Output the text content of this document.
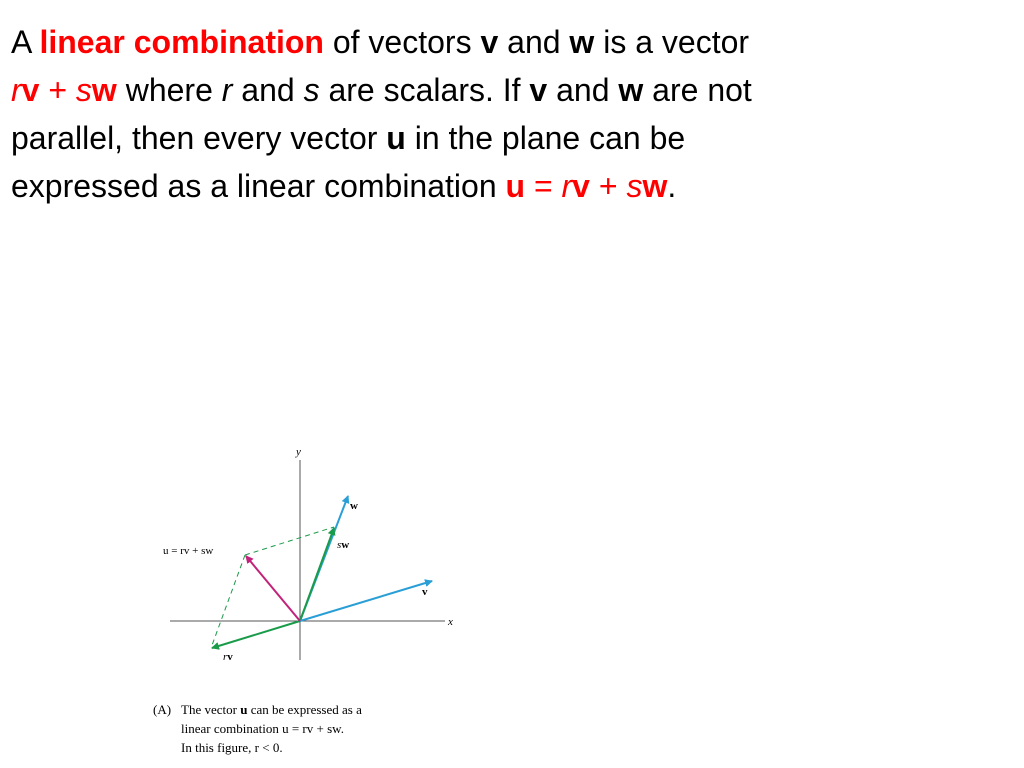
A linear combination of vectors v and w is a vector
rv + sw where r and s are scalars. If v and w are not
parallel, then every vector u in the plane can be
expressed as a linear combination u = rv + sw.

y
x
w
sw
v
rv
u = rv + sw

(A) The vector u can be expressed as a
linear combination u = rv + sw.
In this figure, r < 0.
